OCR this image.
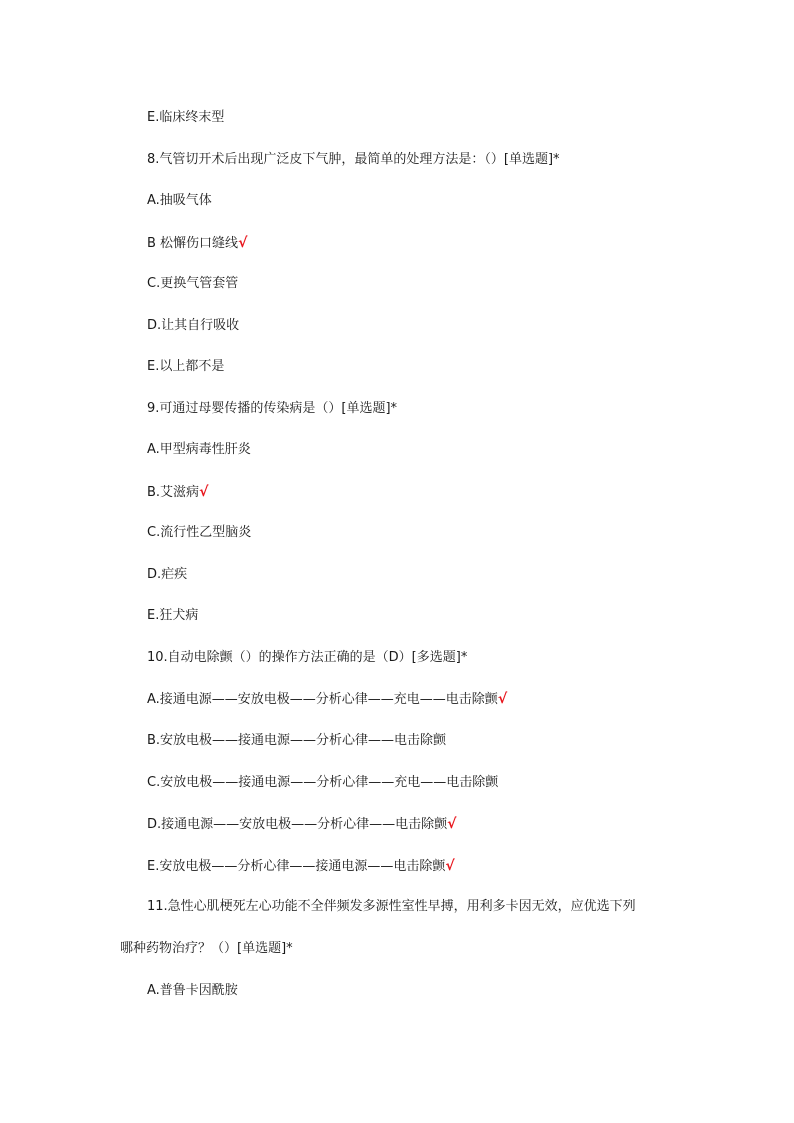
E.临床终末型
8.气管切开术后出现广泛皮下气肿，最简单的处理方法是：（）[单选题]*
A.抽吸气体
B 松懈伤口缝线√
C.更换气管套管
D.让其自行吸收
E.以上都不是
9.可通过母婴传播的传染病是（）[单选题]*
A.甲型病毒性肝炎
B.艾滋病√
C.流行性乙型脑炎
D.疟疾
E.狂犬病
10.自动电除颤（）的操作方法正确的是（D）[多选题]*
A.接通电源——安放电极——分析心律——充电——电击除颤√
B.安放电极——接通电源——分析心律——电击除颤
C.安放电极——接通电源——分析心律——充电——电击除颤
D.接通电源——安放电极——分析心律——电击除颤√
E.安放电极——分析心律——接通电源——电击除颤√
11.急性心肌梗死左心功能不全伴频发多源性室性早搏，用利多卡因无效，应优选下列
哪种药物治疗？（）[单选题]*
A.普鲁卡因酰胺
